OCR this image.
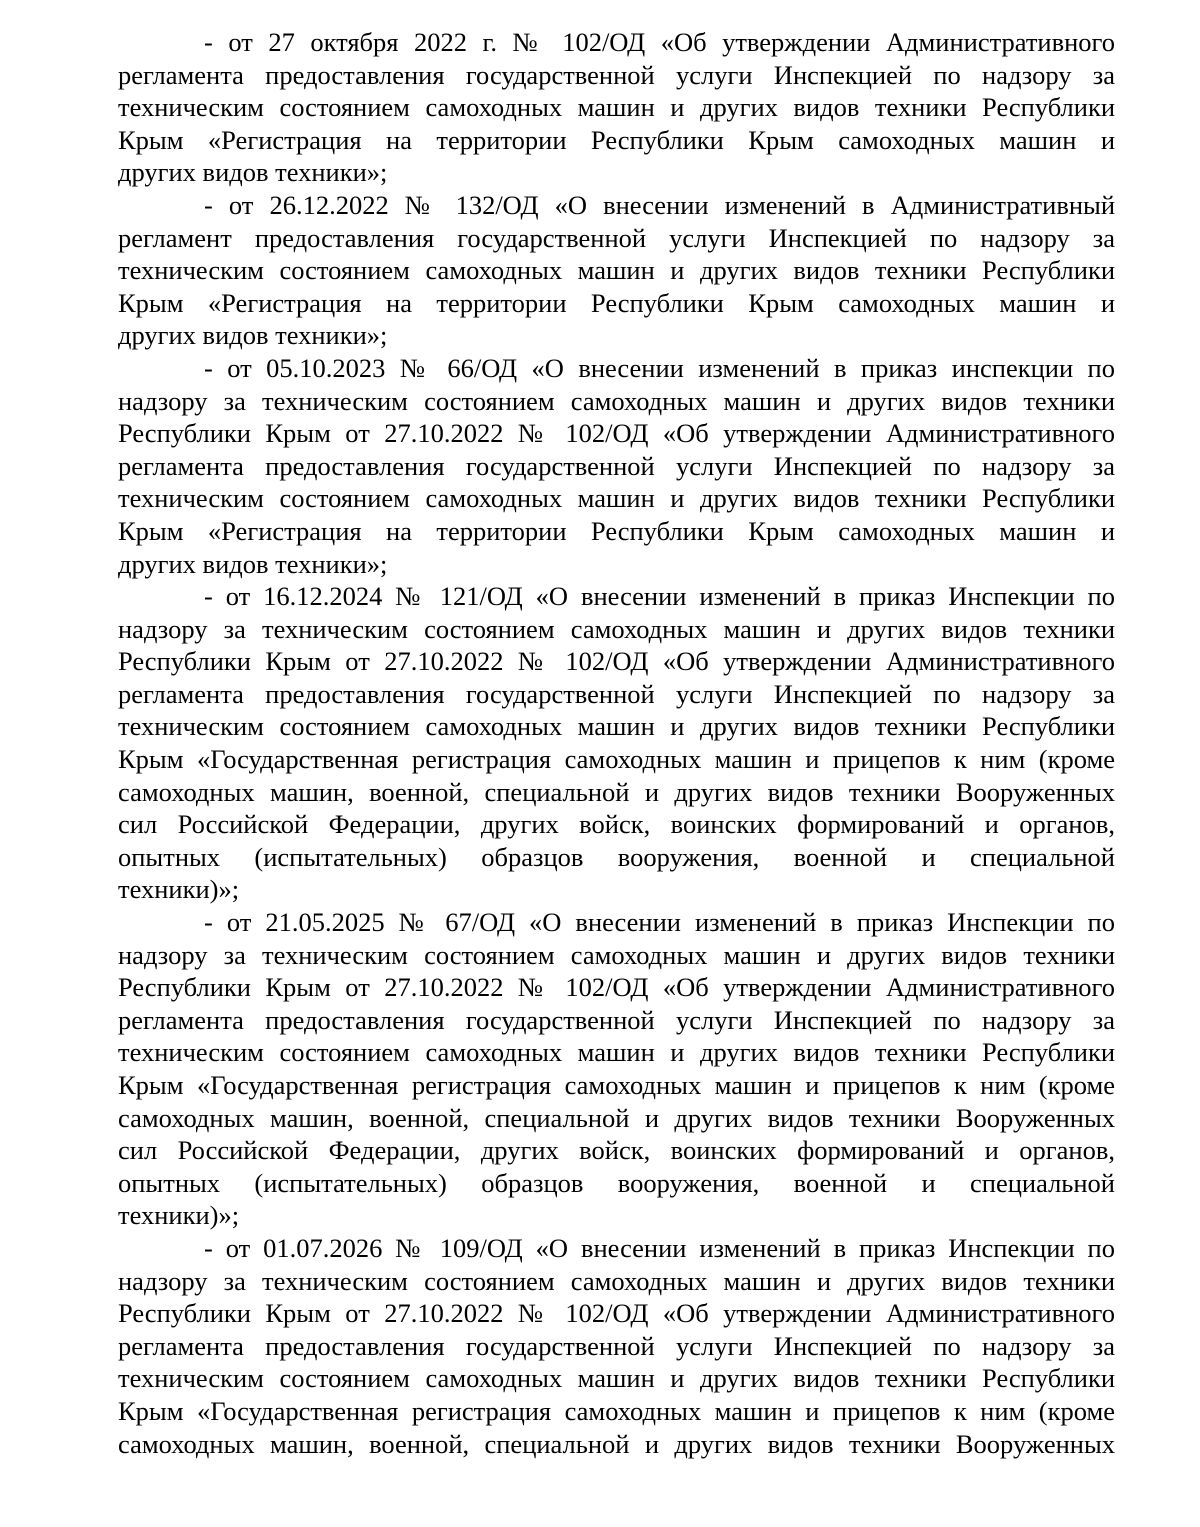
- от 27 октября 2022 г. № 102/ОД «Об утверждении Административного
регламента предоставления государственной услуги Инспекцией по надзору за
техническим состоянием самоходных машин и других видов техники Республики
Крым «Регистрация на территории Республики Крым самоходных машин и
других видов техники»;
- от 26.12.2022 № 132/ОД «О внесении изменений в Административный
регламент предоставления государственной услуги Инспекцией по надзору за
техническим состоянием самоходных машин и других видов техники Республики
Крым «Регистрация на территории Республики Крым самоходных машин и
других видов техники»;
- от 05.10.2023 № 66/ОД «О внесении изменений в приказ инспекции по
надзору за техническим состоянием самоходных машин и других видов техники
Республики Крым от 27.10.2022 № 102/ОД «Об утверждении Административного
регламента предоставления государственной услуги Инспекцией по надзору за
техническим состоянием самоходных машин и других видов техники Республики
Крым «Регистрация на территории Республики Крым самоходных машин и
других видов техники»;
- от 16.12.2024 № 121/ОД «О внесении изменений в приказ Инспекции по
надзору за техническим состоянием самоходных машин и других видов техники
Республики Крым от 27.10.2022 № 102/ОД «Об утверждении Административного
регламента предоставления государственной услуги Инспекцией по надзору за
техническим состоянием самоходных машин и других видов техники Республики
Крым «Государственная регистрация самоходных машин и прицепов к ним (кроме
самоходных машин, военной, специальной и других видов техники Вооруженных
сил Российской Федерации, других войск, воинских формирований и органов,
опытных (испытательных) образцов вооружения, военной и специальной
техники)»;
- от 21.05.2025 № 67/ОД «О внесении изменений в приказ Инспекции по
надзору за техническим состоянием самоходных машин и других видов техники
Республики Крым от 27.10.2022 № 102/ОД «Об утверждении Административного
регламента предоставления государственной услуги Инспекцией по надзору за
техническим состоянием самоходных машин и других видов техники Республики
Крым «Государственная регистрация самоходных машин и прицепов к ним (кроме
самоходных машин, военной, специальной и других видов техники Вооруженных
сил Российской Федерации, других войск, воинских формирований и органов,
опытных (испытательных) образцов вооружения, военной и специальной
техники)»;
- от 01.07.2026 № 109/ОД «О внесении изменений в приказ Инспекции по
надзору за техническим состоянием самоходных машин и других видов техники
Республики Крым от 27.10.2022 № 102/ОД «Об утверждении Административного
регламента предоставления государственной услуги Инспекцией по надзору за
техническим состоянием самоходных машин и других видов техники Республики
Крым «Государственная регистрация самоходных машин и прицепов к ним (кроме
самоходных машин, военной, специальной и других видов техники Вооруженных
